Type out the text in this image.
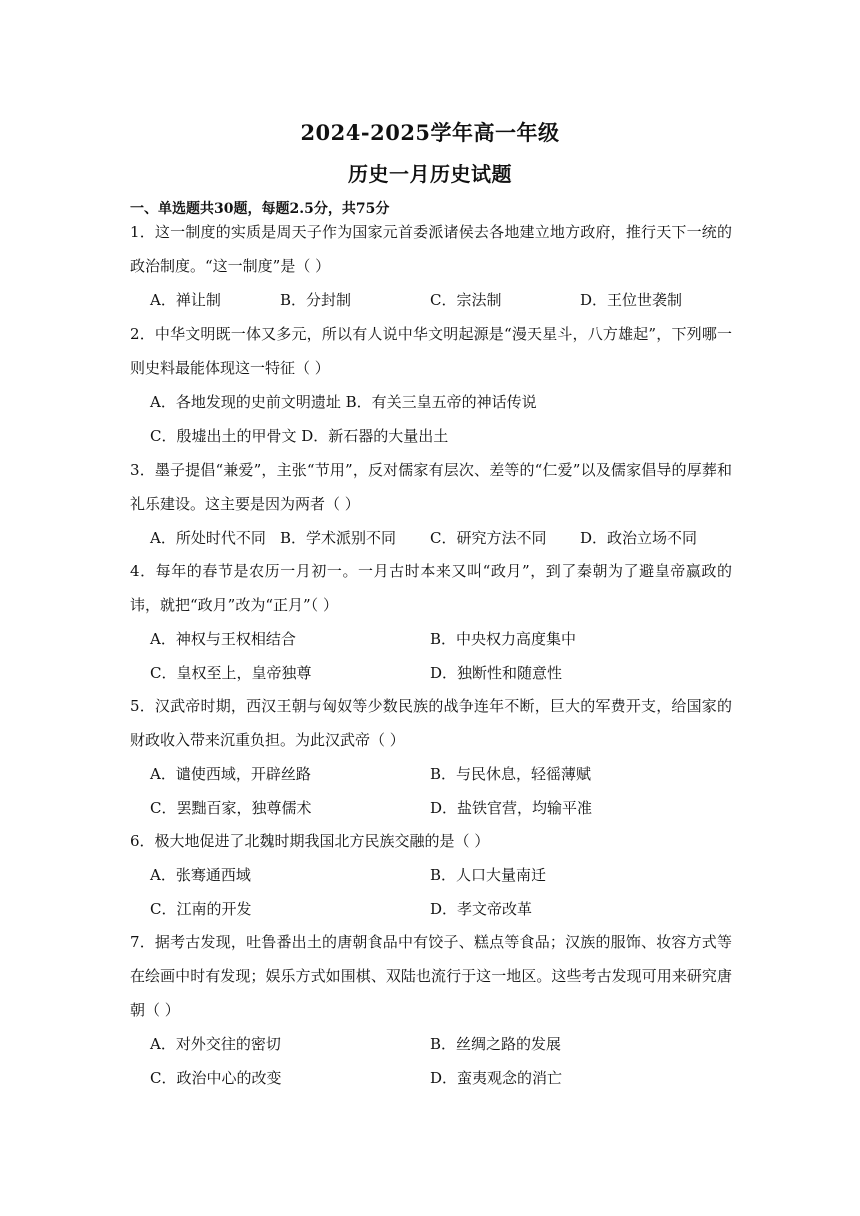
2024-2025学年高一年级
历史一月历史试题
一、单选题共30题，每题2.5分，共75分
1．这一制度的实质是周天子作为国家元首委派诸侯去各地建立地方政府，推行天下一统的政治制度。“这一制度”是（ ）
A．禅让制	B．分封制	C．宗法制	D．王位世袭制
2．中华文明既一体又多元，所以有人说中华文明起源是“漫天星斗，八方雄起”，下列哪一则史料最能体现这一特征（ ）
A．各地发现的史前文明遗址 B．有关三皇五帝的神话传说
C．殷墟出土的甲骨文 D．新石器的大量出土
3．墨子提倡“兼爱”，主张“节用”，反对儒家有层次、差等的“仁爱”以及儒家倡导的厚葬和礼乐建设。这主要是因为两者（ ）
A．所处时代不同 B．学术派别不同 C．研究方法不同 D．政治立场不同
4．每年的春节是农历一月初一。一月古时本来又叫“政月”，到了秦朝为了避皇帝嬴政的讳，就把“政月”改为“正月”（ ）
A．神权与王权相结合	B．中央权力高度集中
C．皇权至上，皇帝独尊	D．独断性和随意性
5．汉武帝时期，西汉王朝与匈奴等少数民族的战争连年不断，巨大的军费开支，给国家的财政收入带来沉重负担。为此汉武帝（ ）
A．谴使西域，开辟丝路	B．与民休息，轻徭薄赋
C．罢黜百家，独尊儒术	D．盐铁官营，均输平准
6．极大地促进了北魏时期我国北方民族交融的是（ ）
A．张骞通西域	B．人口大量南迁
C．江南的开发	D．孝文帝改革
7．据考古发现，吐鲁番出土的唐朝食品中有饺子、糕点等食品；汉族的服饰、妆容方式等在绘画中时有发现；娱乐方式如围棋、双陆也流行于这一地区。这些考古发现可用来研究唐朝（ ）
A．对外交往的密切	B．丝绸之路的发展
C．政治中心的改变	D．蛮夷观念的消亡
